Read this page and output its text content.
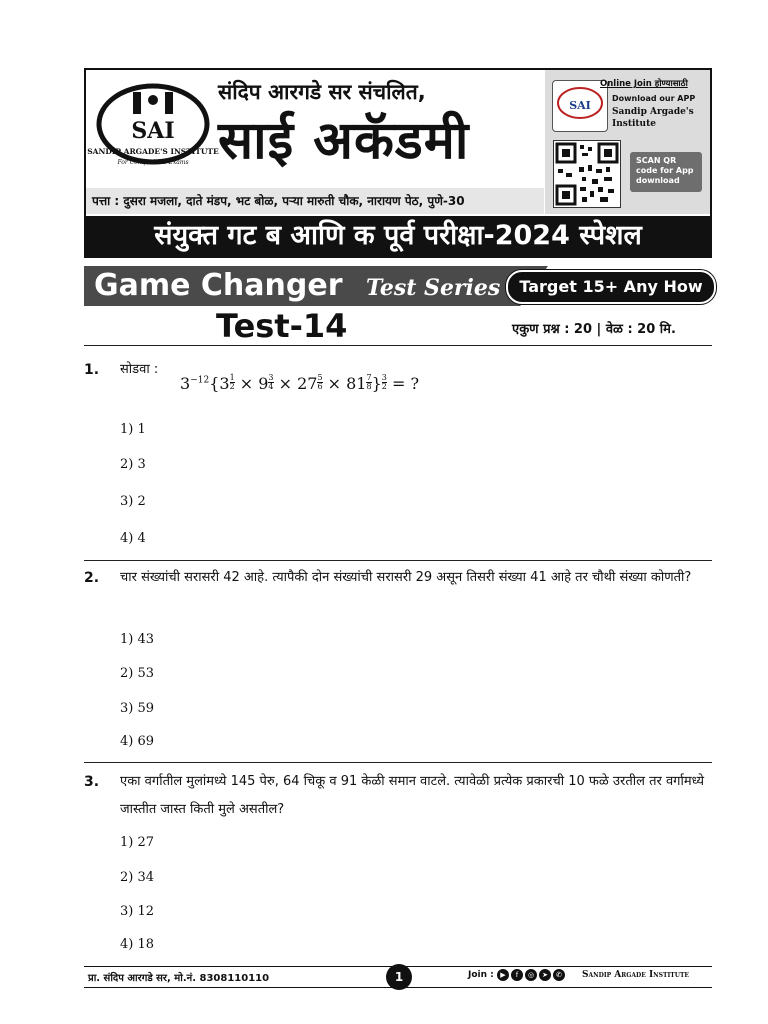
SAI
SANDIP ARGADE'S INSTITUTE
For Competitive Exams
संदिप आरगडे सर संचलित,
साई अकॅडमी
पत्ता : दुसरा मजला, दाते मंडप, भट बोळ, पऱ्या मारुती चौक, नारायण पेठ, पुणे-30
SAI
Online Join होण्यासाठी
Download our APP
Sandip Argade's
Institute
SCAN QR code for App download
संयुक्त गट ब आणि क पूर्व परीक्षा-2024 स्पेशल
Game Changer Test Series	Target 15+ Any How
Test-14	एकुण प्रश्न : 20 | वेळ : 20 मि.
1. सोडवा :
$3^{-12}\{3 \frac{1}{2} \times 9 \frac{3}{4} \times 27 \frac{5}{6} \times 81 \frac{7}{8}$ } $\frac{3}{2}$ = ?
1) 1
2) 3
3) 2
4) 4
2. चार संख्यांची सरासरी 42 आहे. त्यापैकी दोन संख्यांची सरासरी 29 असून तिसरी संख्या 41 आहे तर चौथी संख्या कोणती?
1) 43
2) 53
3) 59
4) 69
3. एका वर्गातील मुलांमध्ये 145 पेरु, 64 चिकू व 91 केळी समान वाटले. त्यावेळी प्रत्येक प्रकारची 10 फळे उरतील तर वर्गामध्ये जास्तीत जास्त किती मुले असतील?
1) 27
2) 34
3) 12
4) 18
प्रा. संदिप आरगडे सर, मो.नं. 8308110110	1	Join : ▶	f	◎	➤	✆	Sandip Argade Institute
